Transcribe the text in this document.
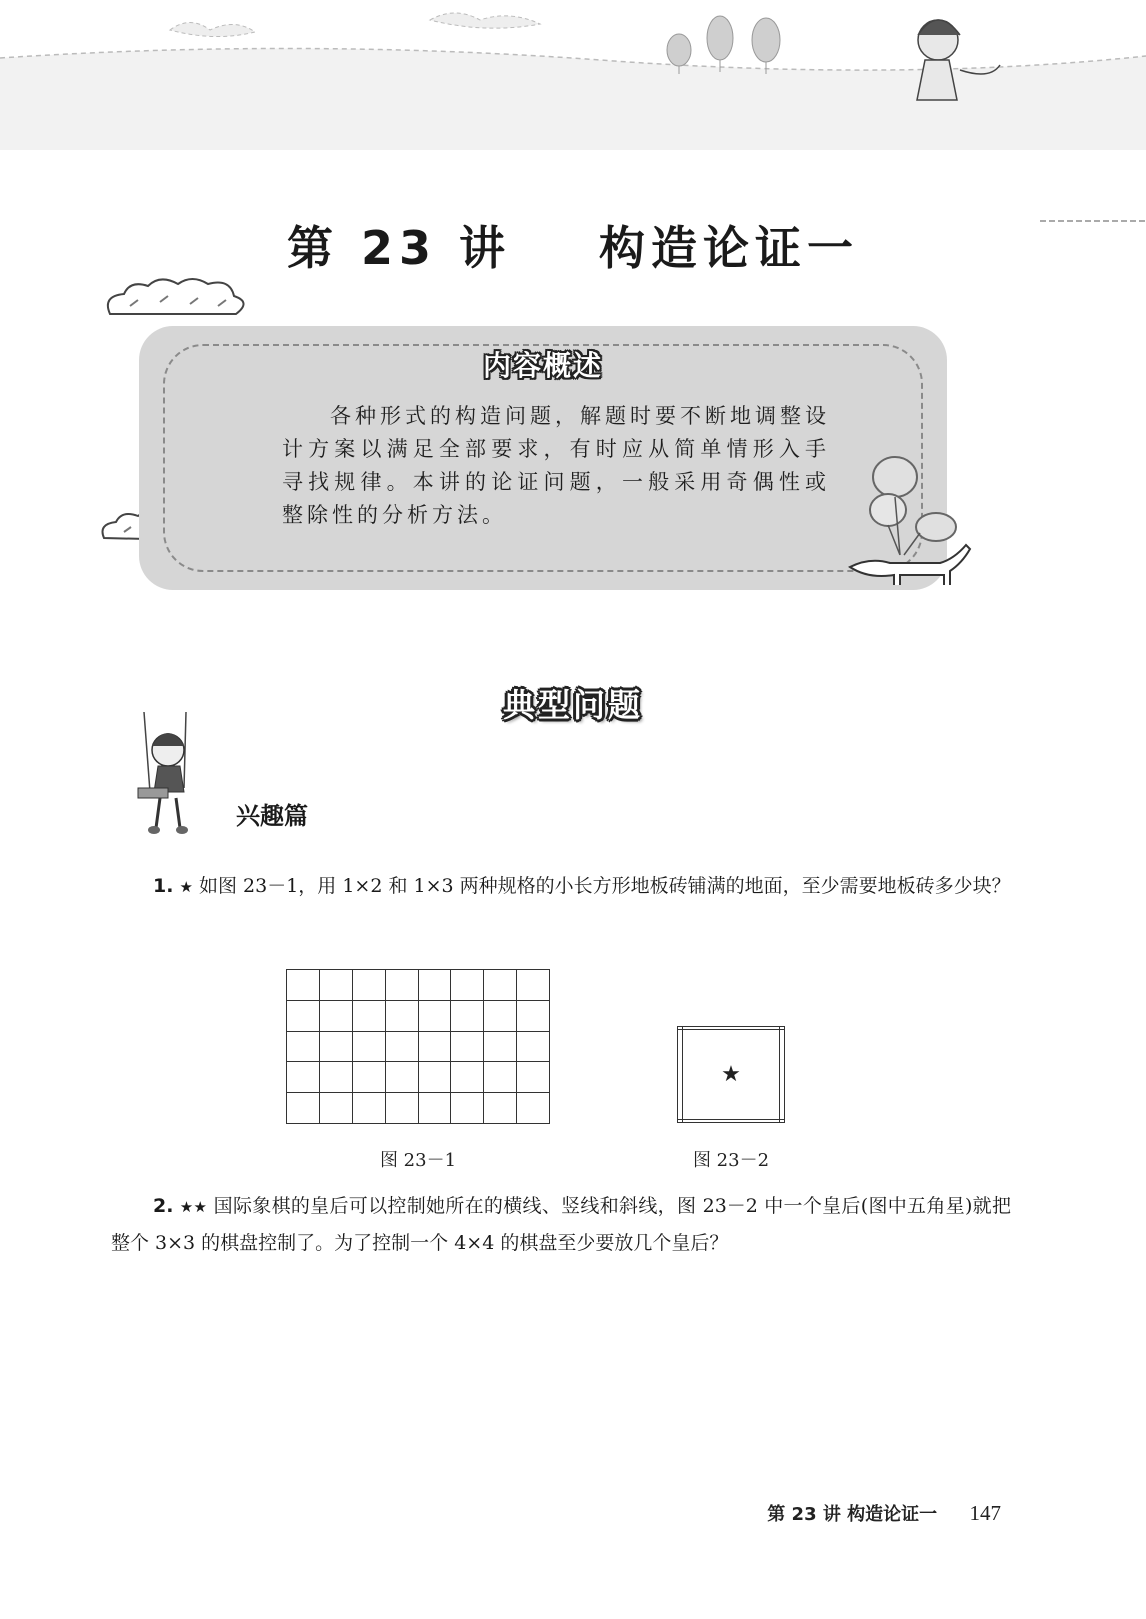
第 23 讲    构造论证一
内容概述
各种形式的构造问题，解题时要不断地调整设计方案以满足全部要求，有时应从简单情形入手寻找规律。本讲的论证问题，一般采用奇偶性或整除性的分析方法。
典型问题
兴趣篇
1. ★ 如图 23－1，用 1×2 和 1×3 两种规格的小长方形地板砖铺满的地面，至少需要地板砖多少块？

图 23－1

	★	

图 23－2
2. ★★ 国际象棋的皇后可以控制她所在的横线、竖线和斜线，图 23－2 中一个皇后(图中五角星)就把整个 3×3 的棋盘控制了。为了控制一个 4×4 的棋盘至少要放几个皇后？
第 23 讲 构造论证一 147
